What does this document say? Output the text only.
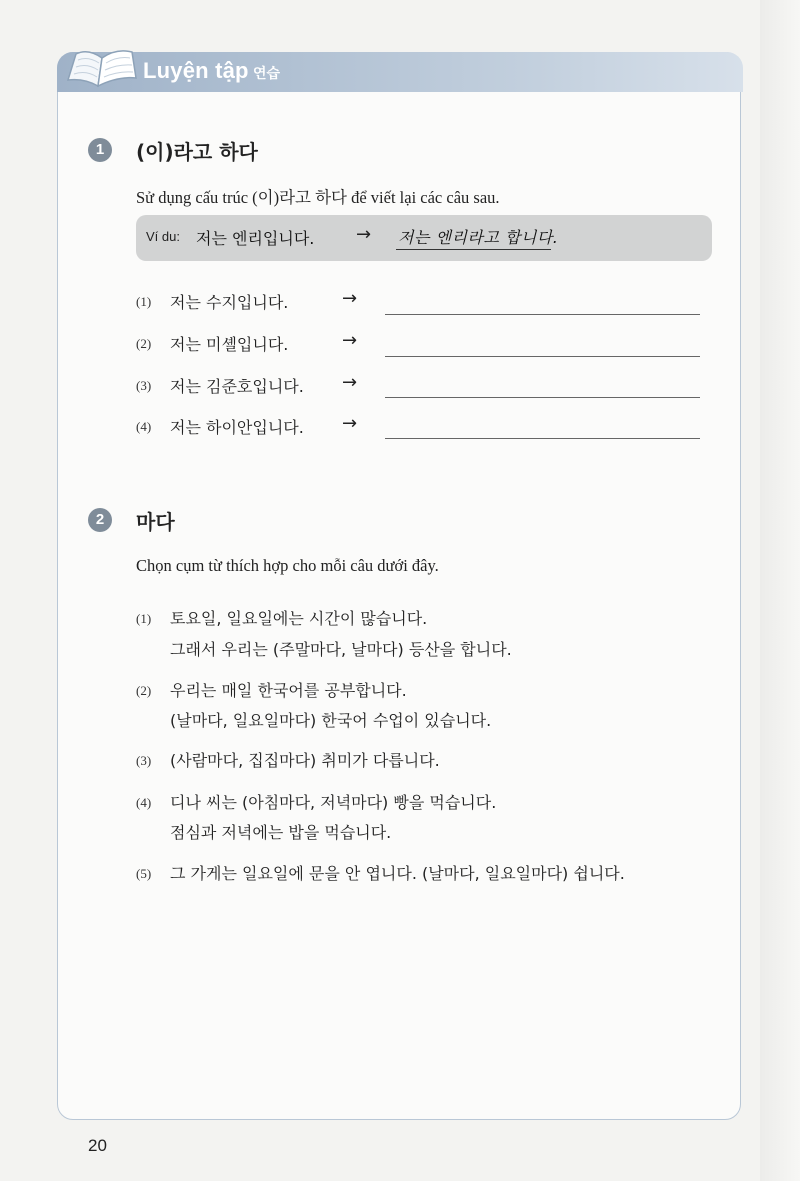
Luyện tập 연습
1	(이)라고 하다
Sử dụng cấu trúc (이)라고 하다 để viết lại các câu sau.
Ví du: 저는 엔리입니다. → 저는 엔리라고 합니다.
(1) 저는 수지입니다.	→
(2) 저는 미셸입니다.	→
(3) 저는 김준호입니다. →
(4) 저는 하이안입니다. →
2	마다
Chọn cụm từ thích hợp cho mỗi câu dưới đây.
(1) 토요일, 일요일에는 시간이 많습니다.
그래서 우리는 (주말마다, 날마다) 등산을 합니다.
(2) 우리는 매일 한국어를 공부합니다.
(날마다, 일요일마다) 한국어 수업이 있습니다.
(3) (사람마다, 집집마다) 취미가 다릅니다.
(4) 디나 씨는 (아침마다, 저녁마다) 빵을 먹습니다.
점심과 저녁에는 밥을 먹습니다.
(5) 그 가게는 일요일에 문을 안 엽니다. (날마다, 일요일마다) 쉽니다.
20
